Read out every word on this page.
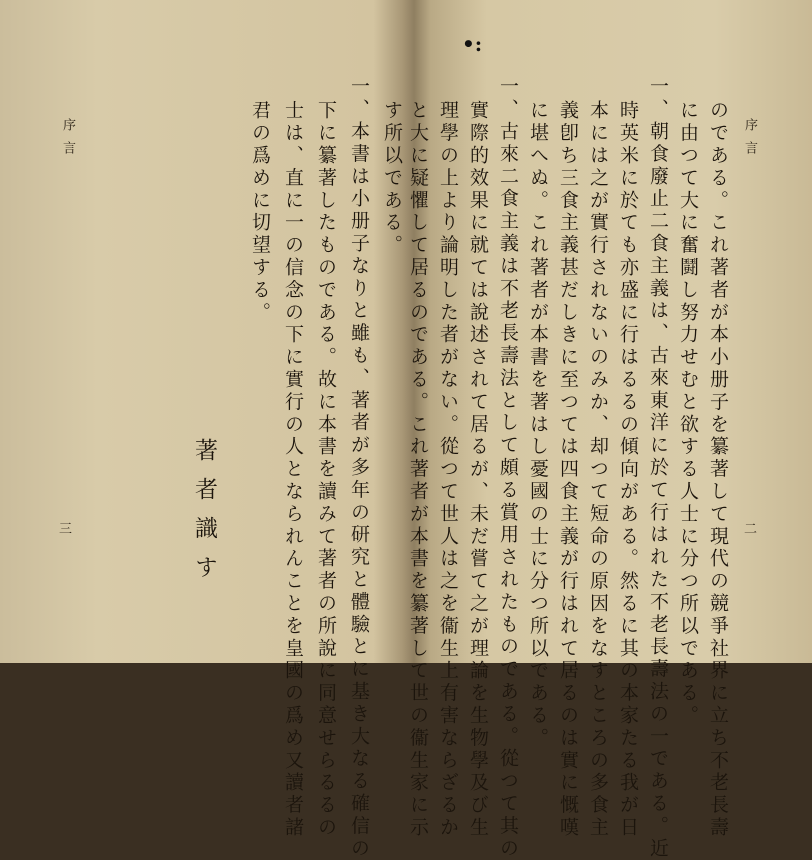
序言
三
す所以である。
一、本書は小册子なりと雖も、著者が多年の研究と體驗とに基き大なる確信の
下に纂著したものである。故に本書を讀みて著者の所說に同意せらるるの
士は、直に一の信念の下に實行の人となられんことを皇國の爲め又讀者諸
君の爲めに切望する。
著者識す
•:
序言
二
のである。これ著者が本小册子を纂著して現代の競爭社界に立ち不老長壽
に由つて大に奮鬪し努力せむと欲する人士に分つ所以である。
一、朝食廢止二食主義は、古來東洋に於て行はれた不老長壽法の一である。近
時英米に於ても亦盛に行はるるの傾向がある。然るに其の本家たる我が日
本には之が實行されないのみか、却つて短命の原因をなすところの多食主
義卽ち三食主義甚だしきに至つては四食主義が行はれて居るのは實に慨嘆
に堪へぬ。これ著者が本書を著はし憂國の士に分つ所以である。
一、古來二食主義は不老長壽法として頗る賞用されたものである。從つて其の
實際的效果に就ては說述されて居るが、未だ嘗て之が理論を生物學及び生
理學の上より論明した者がない。從つて世人は之を衞生上有害ならざるか
と大に疑懼して居るのである。これ著者が本書を纂著して世の衞生家に示
